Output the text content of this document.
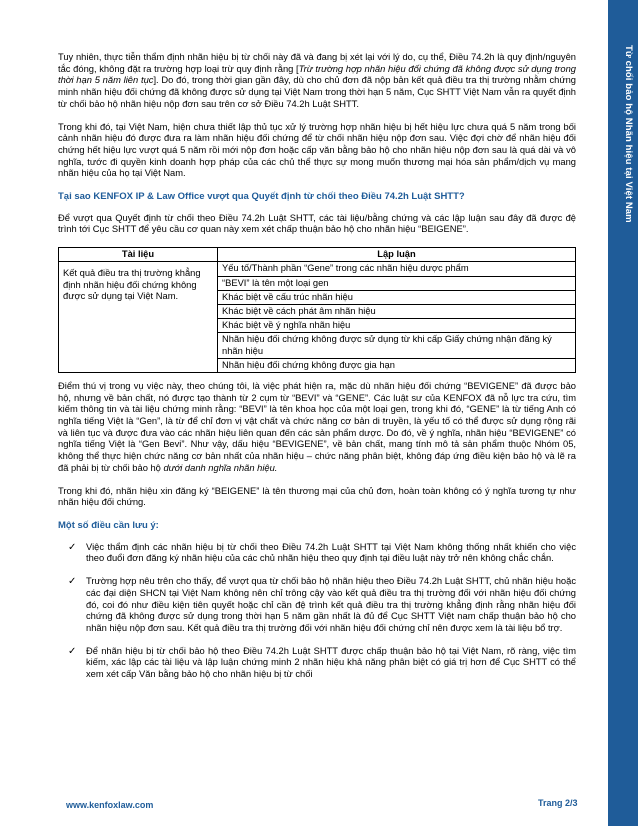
Từ chối bảo hộ Nhãn hiệu tại Việt Nam

Tuy nhiên, thực tiễn thẩm định nhãn hiệu bị từ chối này đã và đang bị xét lại với lý do, cụ thể, Điều 74.2h là quy định/nguyên tắc đóng, không đặt ra trường hợp loại trừ quy định rằng [Trừ trường hợp nhãn hiệu đối chứng đã không được sử dụng trong thời hạn 5 năm liên tục]. Do đó, trong thời gian gần đây, dù cho chủ đơn đã nộp bản kết quả điều tra thị trường nhằm chứng minh nhãn hiệu đối chứng đã không được sử dụng tại Việt Nam trong thời hạn 5 năm, Cục SHTT Việt Nam vẫn ra quyết định từ chối bảo hộ nhãn hiệu nộp đơn sau trên cơ sở Điều 74.2h Luật SHTT.

Trong khi đó, tại Việt Nam, hiện chưa thiết lập thủ tục xử lý trường hợp nhãn hiệu bị hết hiệu lực chưa quá 5 năm trong bối cảnh nhãn hiệu đó được đưa ra làm nhãn hiệu đối chứng để từ chối nhãn hiệu nộp đơn sau. Việc đợi chờ để nhãn hiệu đối chứng hết hiệu lực vượt quá 5 năm rồi mới nộp đơn hoặc cấp văn bằng bảo hộ cho nhãn hiệu nộp đơn sau là quá dài và vô nghĩa, tước đi quyền kinh doanh hợp pháp của các chủ thể thực sự mong muốn thương mại hóa sản phẩm/dịch vụ mang nhãn hiệu của họ tại Việt Nam.

Tại sao KENFOX IP & Law Office vượt qua Quyết định từ chối theo Điều 74.2h Luật SHTT?

Để vượt qua Quyết định từ chối theo Điều 74.2h Luật SHTT, các tài liệu/bằng chứng và các lập luận sau đây đã được đệ trình tới Cục SHTT để yêu cầu cơ quan này xem xét chấp thuận bảo hộ cho nhãn hiệu “BEIGENE”.

Tài liệu	Lập luận
Kết quả điều tra thị trường khẳng định nhãn hiệu đối chứng không được sử dụng tại Việt Nam.	Yếu tố/Thành phần “Gene” trong các nhãn hiệu dược phẩm
	“BEVI” là tên một loại gen
	Khác biệt về cấu trúc nhãn hiệu
	Khác biệt về cách phát âm nhãn hiệu
	Khác biệt về ý nghĩa nhãn hiệu
	Nhãn hiệu đối chứng không được sử dụng từ khi cấp Giấy chứng nhận đăng ký nhãn hiệu
	Nhãn hiệu đối chứng không được gia hạn

Điểm thú vị trong vụ việc này, theo chúng tôi, là việc phát hiện ra, mặc dù nhãn hiệu đối chứng “BEVIGENE” đã được bảo hộ, nhưng về bản chất, nó được tạo thành từ 2 cụm từ “BEVI” và “GENE”. Các luật sư của KENFOX đã nỗ lực tra cứu, tìm kiếm thông tin và tài liệu chứng minh rằng: “BEVI” là tên khoa học của một loại gen, trong khi đó, “GENE” là từ tiếng Anh có nghĩa tiếng Việt là “Gen”, là từ để chỉ đơn vị vật chất và chức năng cơ bản di truyền, là yếu tố có thể được sử dụng rộng rãi và liên tục và được đưa vào các nhãn hiệu liên quan đến các sản phẩm dược. Do đó, về ý nghĩa, nhãn hiệu “BEVIGENE” có nghĩa tiếng Việt là “Gen Bevi”. Như vậy, dấu hiệu “BEVIGENE”, về bản chất, mang tính mô tả sản phẩm thuộc Nhóm 05, không thể thực hiện chức năng cơ bản nhất của nhãn hiệu – chức năng phân biệt, không đáp ứng điều kiện bảo hộ và lẽ ra đã phải bị từ chối bảo hộ dưới danh nghĩa nhãn hiệu.

Trong khi đó, nhãn hiệu xin đăng ký “BEIGENE” là tên thương mại của chủ đơn, hoàn toàn không có ý nghĩa tương tự như nhãn hiệu đối chứng.

Một số điều cần lưu ý:
✓ Việc thẩm định các nhãn hiệu bị từ chối theo Điều 74.2h Luật SHTT tại Việt Nam không thống nhất khiến cho việc theo đuổi đơn đăng ký nhãn hiệu của các chủ nhãn hiệu theo quy định tại điều luật này trở nên không chắc chắn.
✓ Trường hợp nêu trên cho thấy, để vượt qua từ chối bảo hộ nhãn hiệu theo Điều 74.2h Luật SHTT, chủ nhãn hiệu hoặc các đại diện SHCN tại Việt Nam không nên chỉ trông cậy vào kết quả điều tra thị trường đối với nhãn hiệu đối chứng đó, coi đó như điều kiện tiên quyết hoặc chỉ cần đệ trình kết quả điều tra thị trường khẳng định rằng nhãn hiệu đối chứng đã không được sử dụng trong thời hạn 5 năm gần nhất là đủ để Cục SHTT Việt nam chấp thuận bảo hộ cho nhãn hiệu nộp đơn sau. Kết quả điều tra thị trường đối với nhãn hiệu đối chứng chỉ nên được xem là tài liệu bổ trợ.
✓ Để nhãn hiệu bị từ chối bảo hộ theo Điều 74.2h Luật SHTT được chấp thuận bảo hộ tại Việt Nam, rõ ràng, việc tìm kiếm, xác lập các tài liệu và lập luận chứng minh 2 nhãn hiệu khả năng phân biệt có giá trị hơn để Cục SHTT có thể xem xét cấp Văn bằng bảo hộ cho nhãn hiệu bị từ chối
www.kenfoxlaw.com	Trang 2/3
